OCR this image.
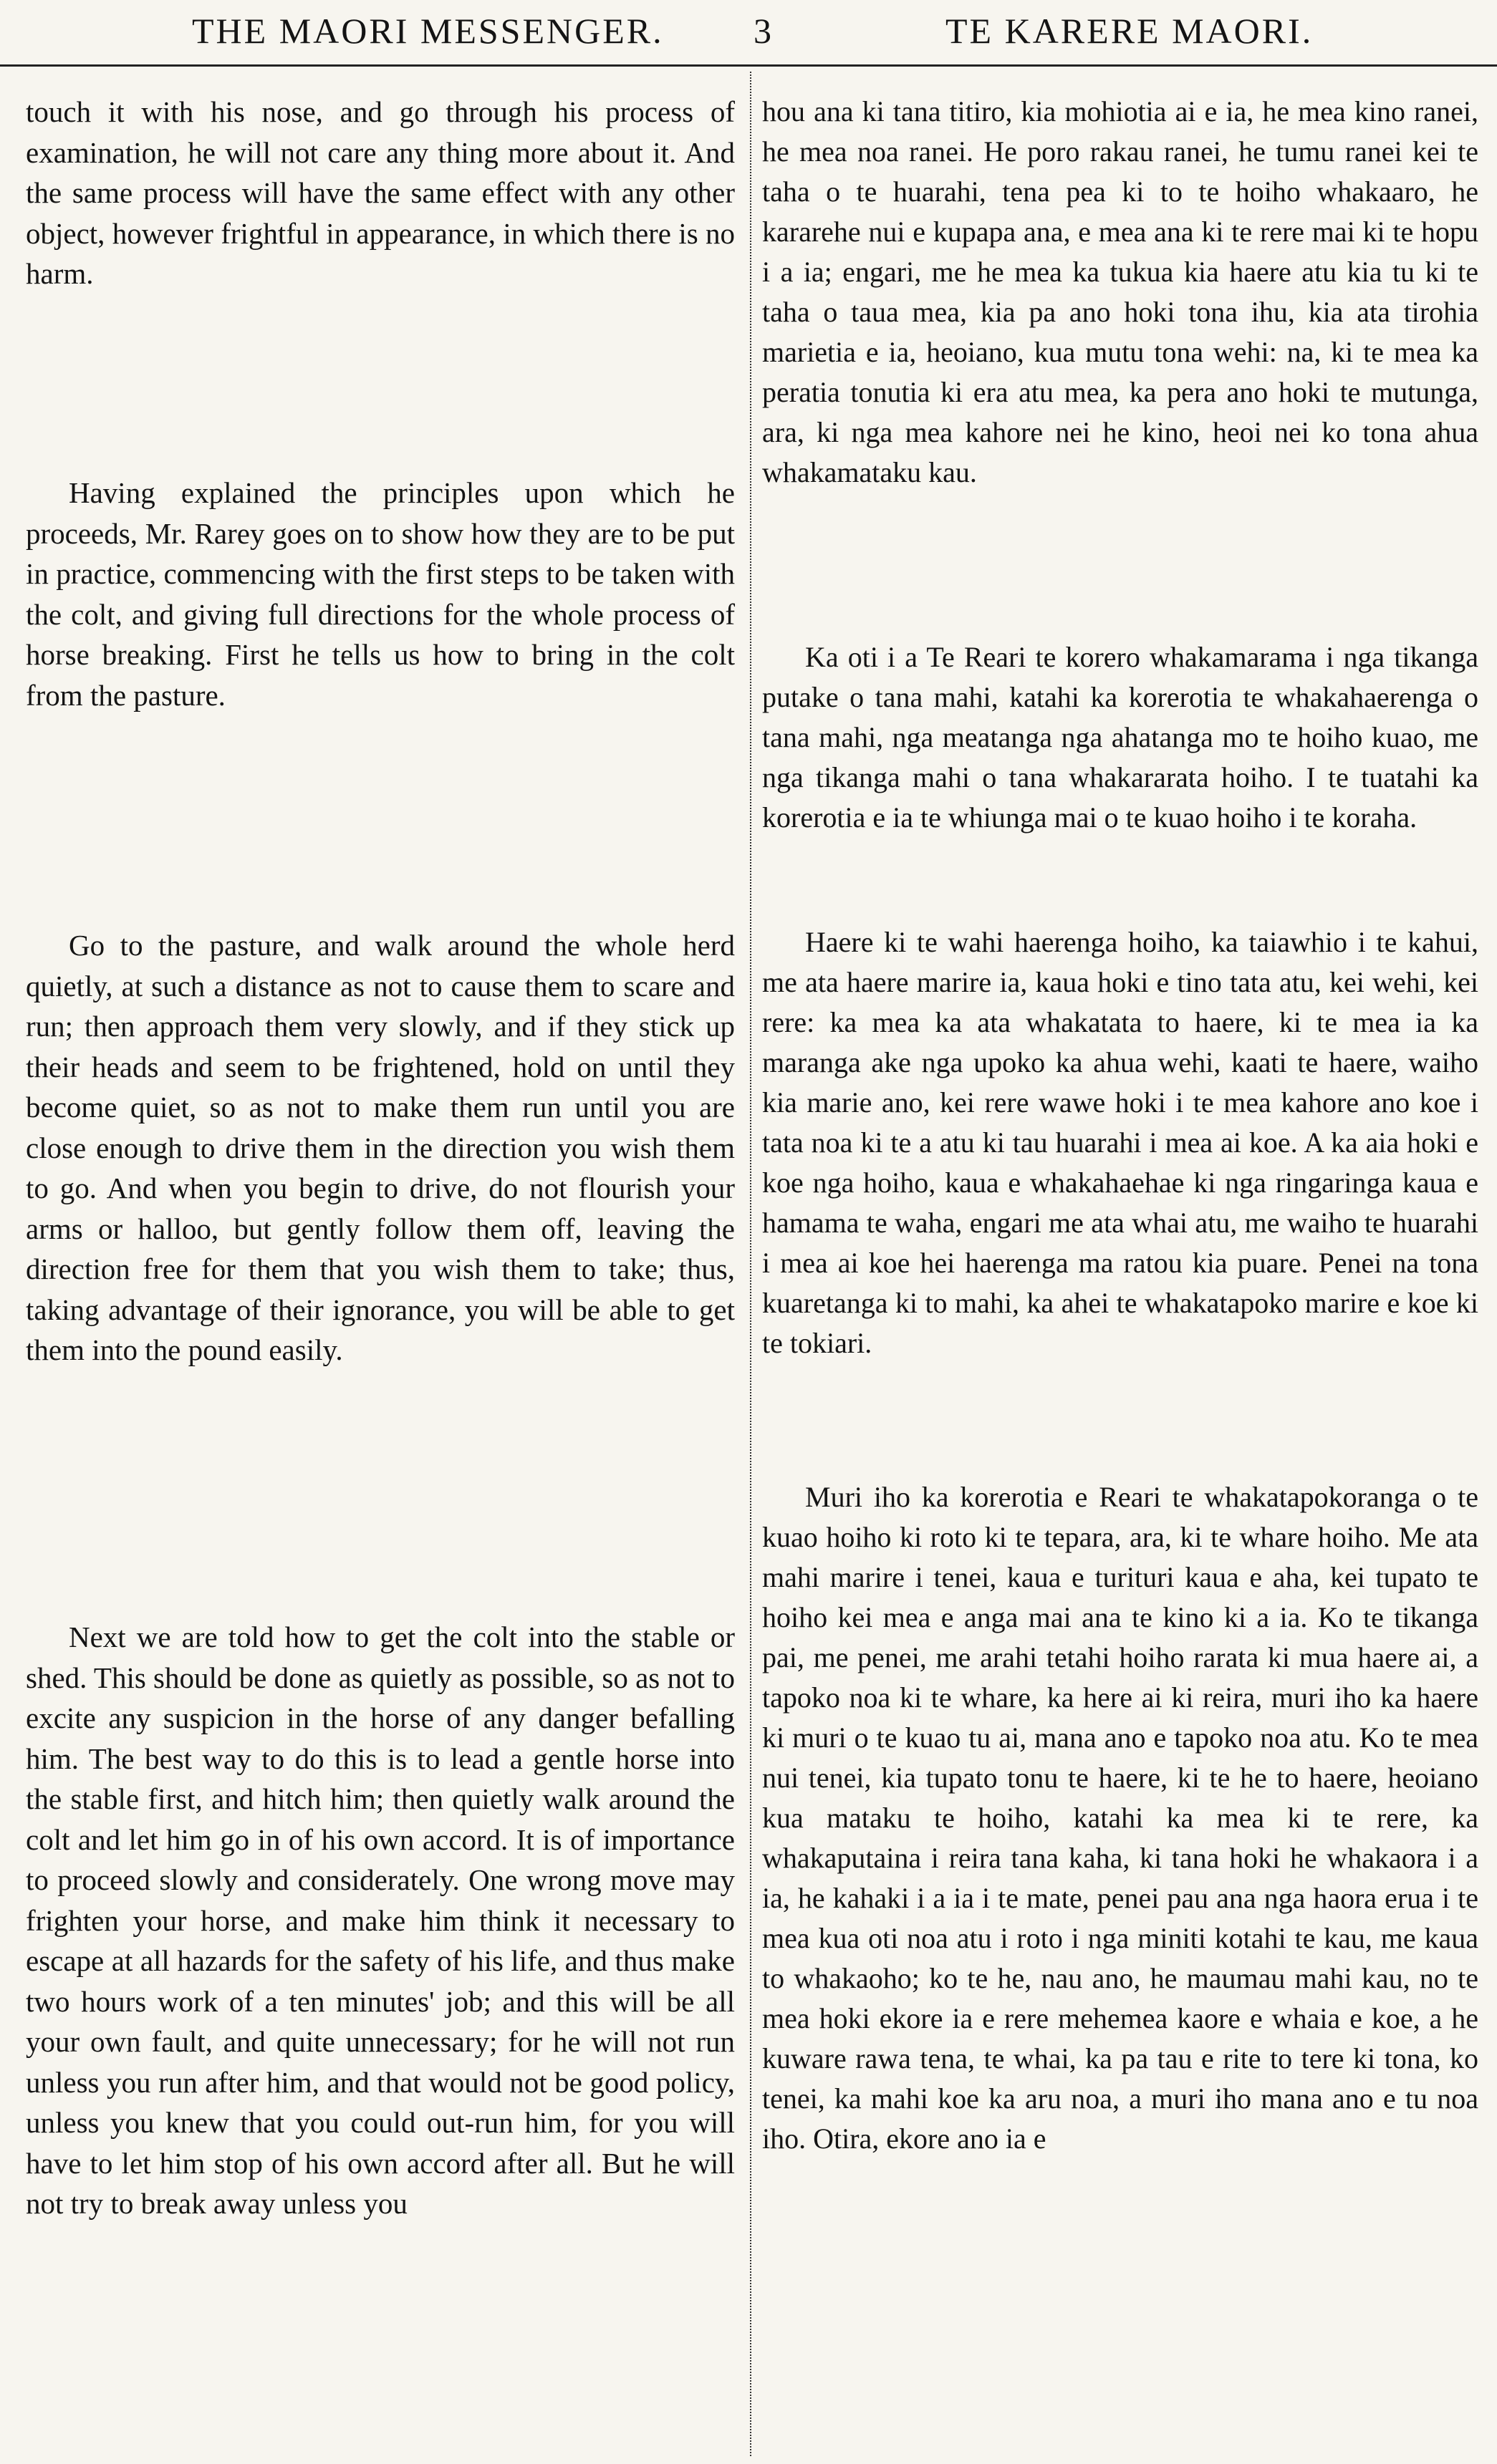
THE MAORI MESSENGER.	3	TE KARERE MAORI.

touch it with his nose, and go through his process of examination, he will not care any thing more about it. And the same process will have the same effect with any other object, however frightful in appearance, in which there is no harm.

Having explained the principles upon which he proceeds, Mr. Rarey goes on to show how they are to be put in practice, commencing with the first steps to be taken with the colt, and giving full directions for the whole process of horse breaking. First he tells us how to bring in the colt from the pasture.

Go to the pasture, and walk around the whole herd quietly, at such a distance as not to cause them to scare and run; then approach them very slowly, and if they stick up their heads and seem to be frightened, hold on until they become quiet, so as not to make them run until you are close enough to drive them in the direction you wish them to go. And when you begin to drive, do not flourish your arms or halloo, but gently follow them off, leaving the direction free for them that you wish them to take; thus, taking advantage of their ignorance, you will be able to get them into the pound easily.

Next we are told how to get the colt into the stable or shed. This should be done as quietly as possible, so as not to excite any suspicion in the horse of any danger befalling him. The best way to do this is to lead a gentle horse into the stable first, and hitch him; then quietly walk around the colt and let him go in of his own accord. It is of importance to proceed slowly and considerately. One wrong move may frighten your horse, and make him think it necessary to escape at all hazards for the safety of his life, and thus make two hours work of a ten minutes' job; and this will be all your own fault, and quite unnecessary; for he will not run unless you run after him, and that would not be good policy, unless you knew that you could out-run him, for you will have to let him stop of his own accord after all. But he will not try to break away unless you

hou ana ki tana titiro, kia mohiotia ai e ia, he mea kino ranei, he mea noa ranei. He poro rakau ranei, he tumu ranei kei te taha o te huarahi, tena pea ki to te hoiho whakaaro, he kararehe nui e kupapa ana, e mea ana ki te rere mai ki te hopu i a ia; engari, me he mea ka tukua kia haere atu kia tu ki te taha o taua mea, kia pa ano hoki tona ihu, kia ata tirohia marietia e ia, heoiano, kua mutu tona wehi: na, ki te mea ka peratia tonutia ki era atu mea, ka pera ano hoki te mutunga, ara, ki nga mea kahore nei he kino, heoi nei ko tona ahua whakamataku kau.

Ka oti i a Te Reari te korero whakamarama i nga tikanga putake o tana mahi, katahi ka korerotia te whakahaerenga o tana mahi, nga meatanga nga ahatanga mo te hoiho kuao, me nga tikanga mahi o tana whakararata hoiho. I te tuatahi ka korerotia e ia te whiunga mai o te kuao hoiho i te koraha.

Haere ki te wahi haerenga hoiho, ka taiawhio i te kahui, me ata haere marire ia, kaua hoki e tino tata atu, kei wehi, kei rere: ka mea ka ata whakatata to haere, ki te mea ia ka maranga ake nga upoko ka ahua wehi, kaati te haere, waiho kia marie ano, kei rere wawe hoki i te mea kahore ano koe i tata noa ki te a atu ki tau huarahi i mea ai koe. A ka aia hoki e koe nga hoiho, kaua e whakahaehae ki nga ringaringa kaua e hamama te waha, engari me ata whai atu, me waiho te huarahi i mea ai koe hei haerenga ma ratou kia puare. Penei na tona kuaretanga ki to mahi, ka ahei te whakatapoko marire e koe ki te tokiari.

Muri iho ka korerotia e Reari te whakatapokoranga o te kuao hoiho ki roto ki te tepara, ara, ki te whare hoiho. Me ata mahi marire i tenei, kaua e turituri kaua e aha, kei tupato te hoiho kei mea e anga mai ana te kino ki a ia. Ko te tikanga pai, me penei, me arahi tetahi hoiho rarata ki mua haere ai, a tapoko noa ki te whare, ka here ai ki reira, muri iho ka haere ki muri o te kuao tu ai, mana ano e tapoko noa atu. Ko te mea nui tenei, kia tupato tonu te haere, ki te he to haere, heoiano kua mataku te hoiho, katahi ka mea ki te rere, ka whakaputaina i reira tana kaha, ki tana hoki he whakaora i a ia, he kahaki i a ia i te mate, penei pau ana nga haora erua i te mea kua oti noa atu i roto i nga miniti kotahi te kau, me kaua to whakaoho; ko te he, nau ano, he maumau mahi kau, no te mea hoki ekore ia e rere mehemea kaore e whaia e koe, a he kuware rawa tena, te whai, ka pa tau e rite to tere ki tona, ko tenei, ka mahi koe ka aru noa, a muri iho mana ano e tu noa iho. Otira, ekore ano ia e
